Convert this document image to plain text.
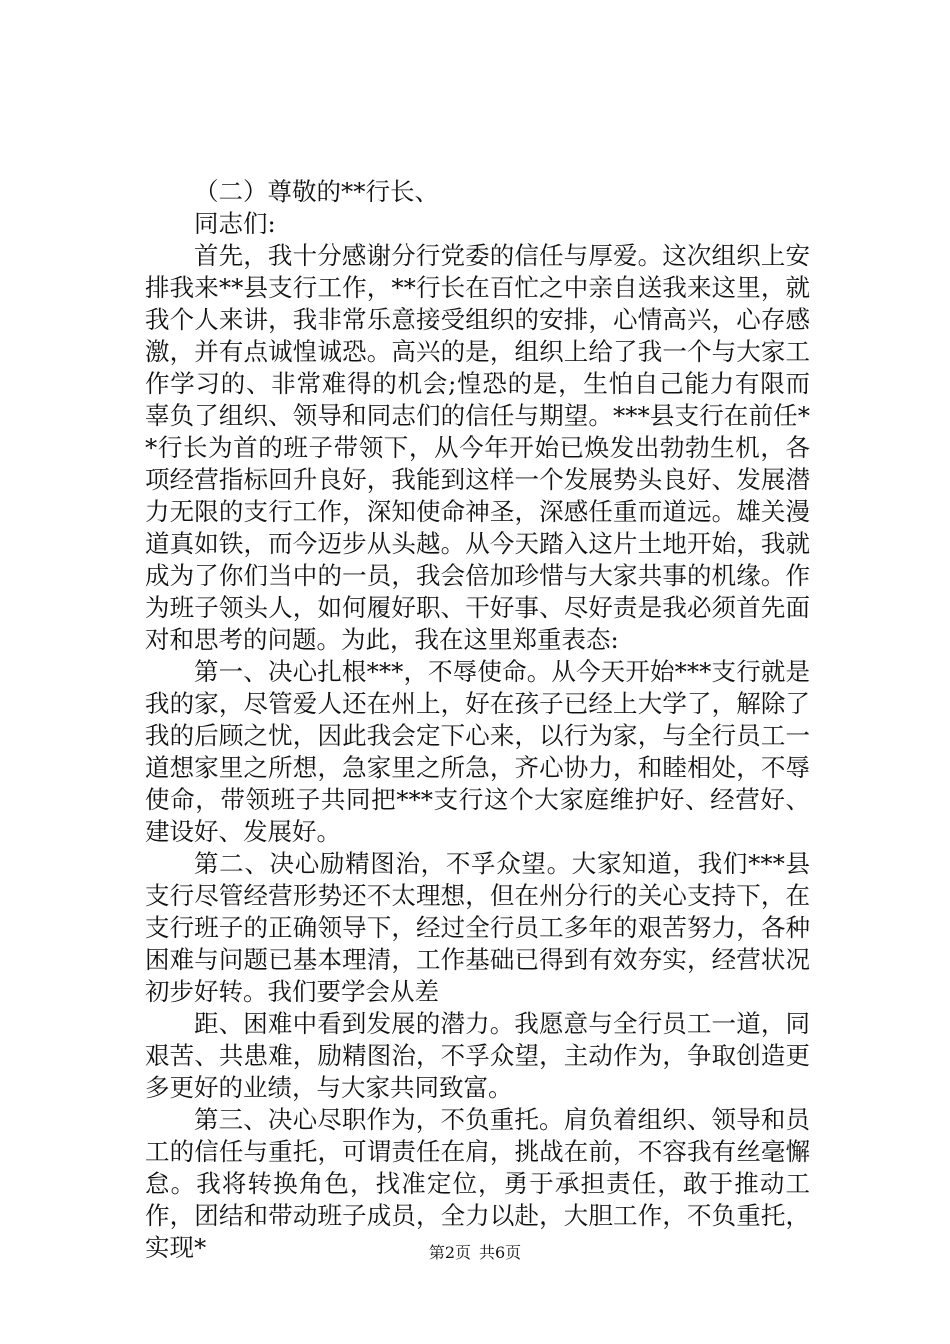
（二）尊敬的**行长、

同志们:

首先，我十分感谢分行党委的信任与厚爱。这次组织上安排我来**县支行工作，**行长在百忙之中亲自送我来这里，就我个人来讲，我非常乐意接受组织的安排，心情高兴，心存感激，并有点诚惶诚恐。高兴的是，组织上给了我一个与大家工作学习的、非常难得的机会;惶恐的是，生怕自己能力有限而辜负了组织、领导和同志们的信任与期望。***县支行在前任**行长为首的班子带领下，从今年开始已焕发出勃勃生机，各项经营指标回升良好，我能到这样一个发展势头良好、发展潜力无限的支行工作，深知使命神圣，深感任重而道远。雄关漫道真如铁，而今迈步从头越。从今天踏入这片土地开始，我就成为了你们当中的一员，我会倍加珍惜与大家共事的机缘。作为班子领头人，如何履好职、干好事、尽好责是我必须首先面对和思考的问题。为此，我在这里郑重表态:

第一、决心扎根***，不辱使命。从今天开始***支行就是我的家，尽管爱人还在州上，好在孩子已经上大学了，解除了我的后顾之忧，因此我会定下心来，以行为家，与全行员工一道想家里之所想，急家里之所急，齐心协力，和睦相处，不辱使命，带领班子共同把***支行这个大家庭维护好、经营好、建设好、发展好。

第二、决心励精图治，不孚众望。大家知道，我们***县支行尽管经营形势还不太理想，但在州分行的关心支持下，在支行班子的正确领导下，经过全行员工多年的艰苦努力，各种困难与问题已基本理清，工作基础已得到有效夯实，经营状况初步好转。我们要学会从差

距、困难中看到发展的潜力。我愿意与全行员工一道，同艰苦、共患难，励精图治，不孚众望，主动作为，争取创造更多更好的业绩，与大家共同致富。

第三、决心尽职作为，不负重托。肩负着组织、领导和员工的信任与重托，可谓责任在肩，挑战在前，不容我有丝毫懈怠。我将转换角色，找准定位，勇于承担责任，敢于推动工作，团结和带动班子成员，全力以赴，大胆工作，不负重托，实现*	第2页 共6页
